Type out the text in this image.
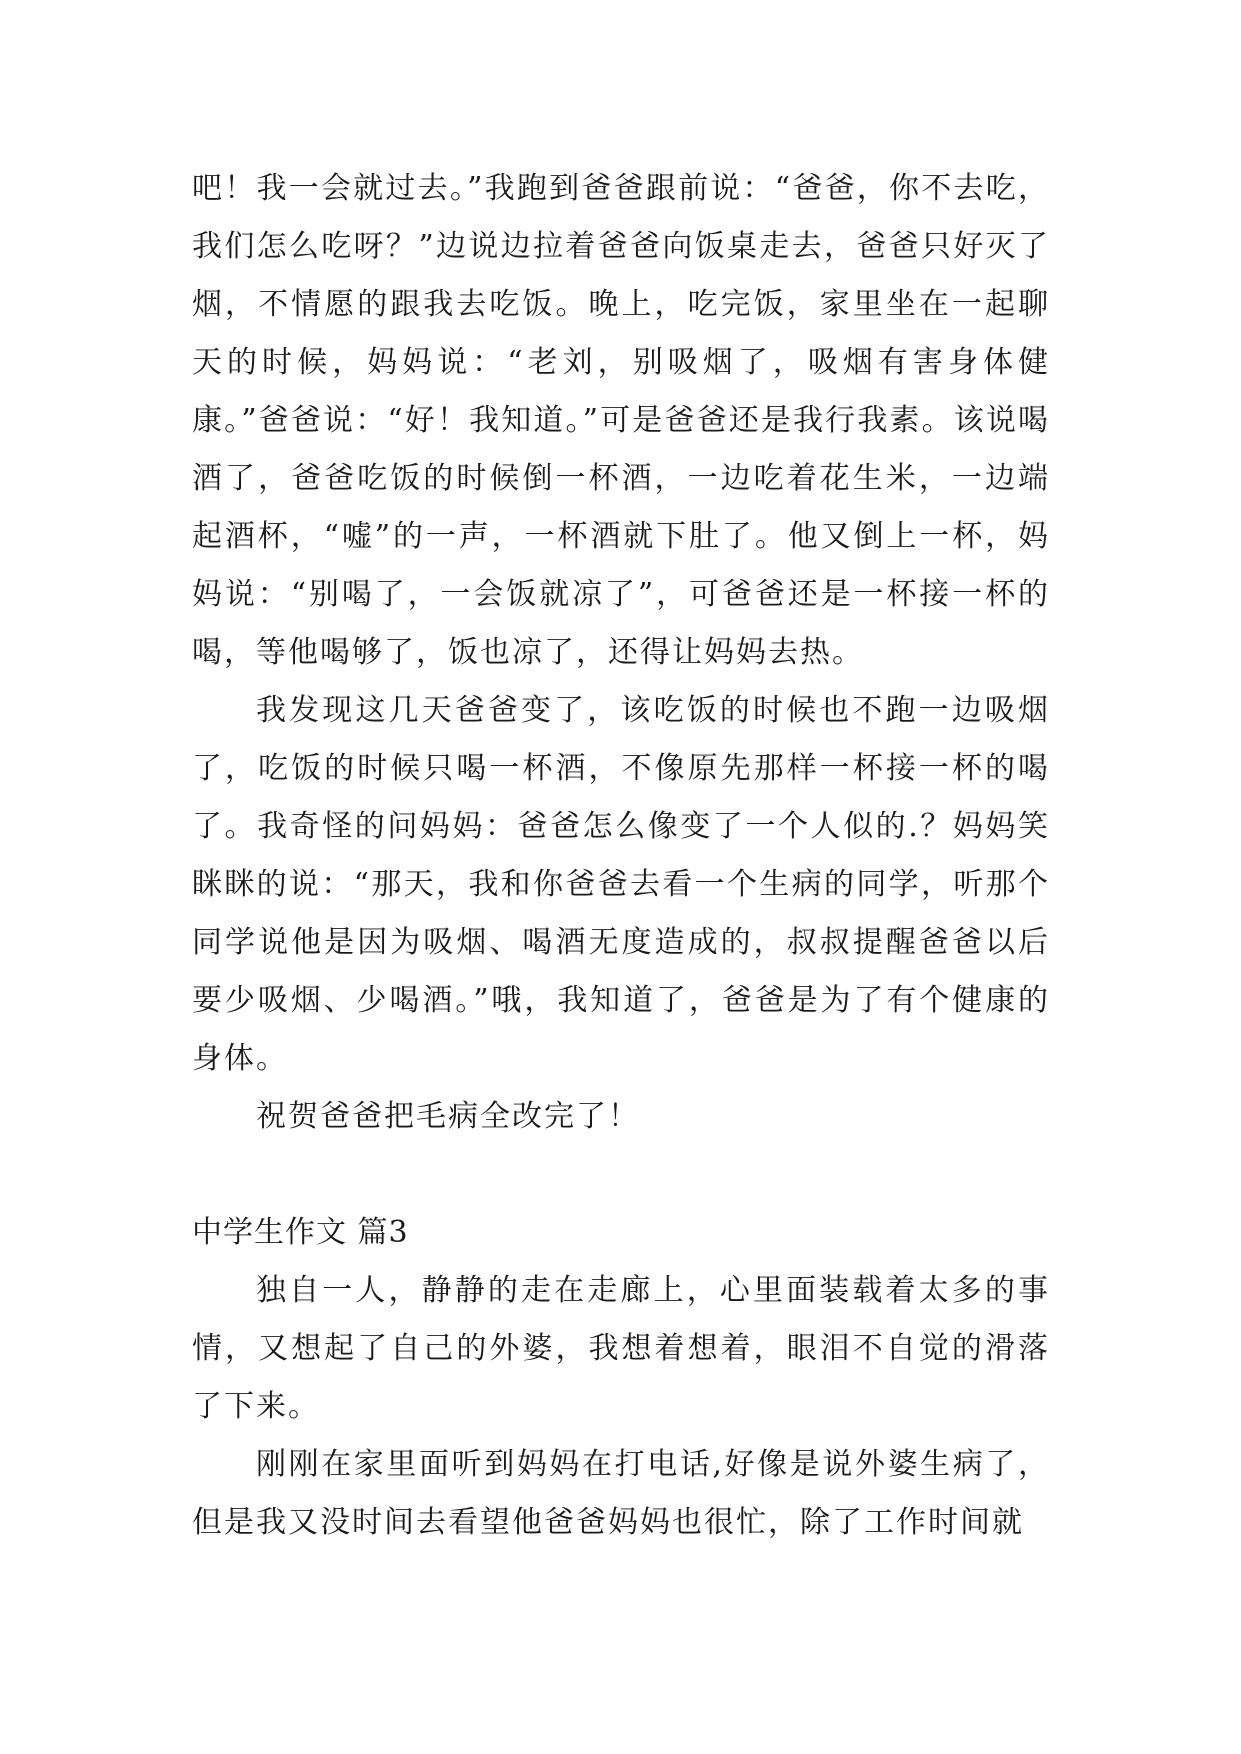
吧！我一会就过去。”我跑到爸爸跟前说：“爸爸，你不去吃，我们怎么吃呀？”边说边拉着爸爸向饭桌走去，爸爸只好灭了烟，不情愿的跟我去吃饭。晚上，吃完饭，家里坐在一起聊天的时候，妈妈说：“老刘，别吸烟了，吸烟有害身体健康。”爸爸说：“好！我知道。”可是爸爸还是我行我素。该说喝酒了，爸爸吃饭的时候倒一杯酒，一边吃着花生米，一边端起酒杯，“嘘”的一声，一杯酒就下肚了。他又倒上一杯，妈妈说：“别喝了，一会饭就凉了”，可爸爸还是一杯接一杯的喝，等他喝够了，饭也凉了，还得让妈妈去热。

我发现这几天爸爸变了，该吃饭的时候也不跑一边吸烟了，吃饭的时候只喝一杯酒，不像原先那样一杯接一杯的喝了。我奇怪的问妈妈：爸爸怎么像变了一个人似的.？妈妈笑眯眯的说：“那天，我和你爸爸去看一个生病的同学，听那个同学说他是因为吸烟、喝酒无度造成的，叔叔提醒爸爸以后要少吸烟、少喝酒。”哦，我知道了，爸爸是为了有个健康的身体。

祝贺爸爸把毛病全改完了！

中学生作文 篇3

独自一人，静静的走在走廊上，心里面装载着太多的事情，又想起了自己的外婆，我想着想着，眼泪不自觉的滑落了下来。

刚刚在家里面听到妈妈在打电话,好像是说外婆生病了，但是我又没时间去看望他爸爸妈妈也很忙，除了工作时间就
